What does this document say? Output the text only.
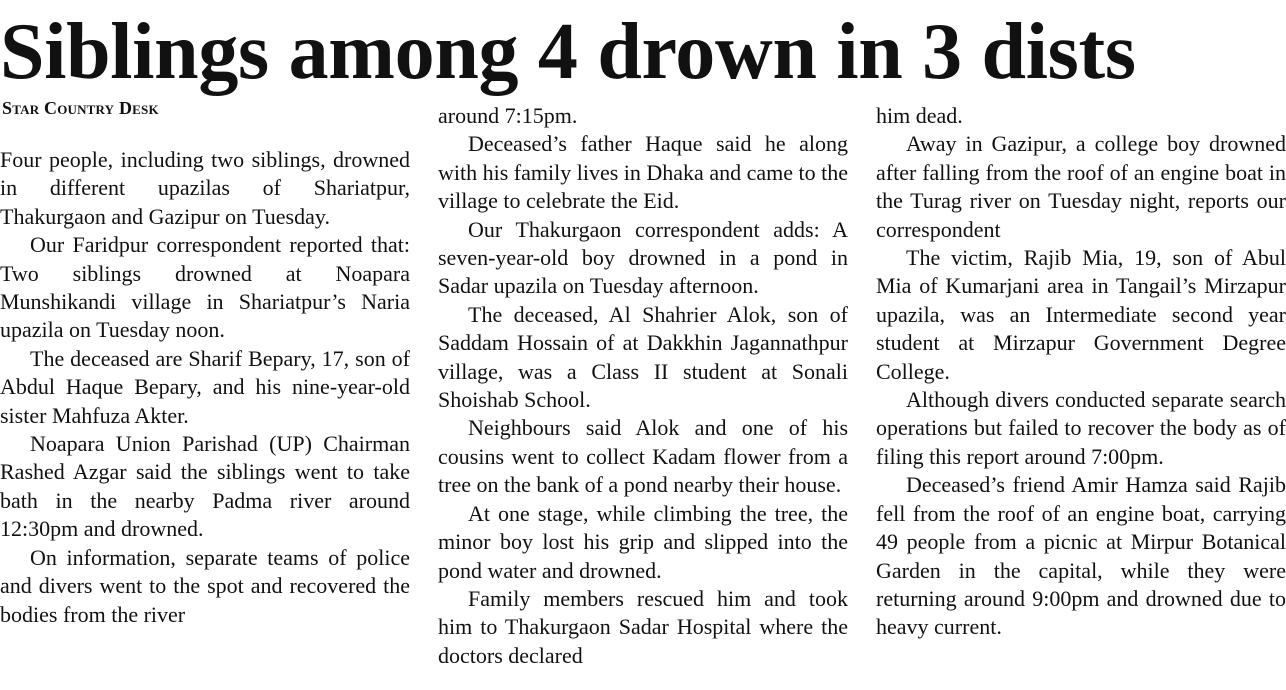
Siblings among 4 drown in 3 dists
Star Country Desk

Four people, including two siblings, drowned in different upazilas of Shariatpur, Thakurgaon and Gazipur on Tuesday.

Our Faridpur correspondent reported that: Two siblings drowned at Noapara Munshikandi village in Shariatpur’s Naria upazila on Tuesday noon.

The deceased are Sharif Bepary, 17, son of Abdul Haque Bepary, and his nine-year-old sister Mahfuza Akter.

Noapara Union Parishad (UP) Chairman Rashed Azgar said the siblings went to take bath in the nearby Padma river around 12:30pm and drowned.

On information, separate teams of police and divers went to the spot and recovered the bodies from the river

around 7:15pm.

Deceased’s father Haque said he along with his family lives in Dhaka and came to the village to celebrate the Eid.

Our Thakurgaon correspondent adds: A seven-year-old boy drowned in a pond in Sadar upazila on Tuesday afternoon.

The deceased, Al Shahrier Alok, son of Saddam Hossain of at Dakkhin Jagannathpur village, was a Class II student at Sonali Shoishab School.

Neighbours said Alok and one of his cousins went to collect Kadam flower from a tree on the bank of a pond nearby their house.

At one stage, while climbing the tree, the minor boy lost his grip and slipped into the pond water and drowned.

Family members rescued him and took him to Thakurgaon Sadar Hospital where the doctors declared

him dead.

Away in Gazipur, a college boy drowned after falling from the roof of an engine boat in the Turag river on Tuesday night, reports our correspondent

The victim, Rajib Mia, 19, son of Abul Mia of Kumarjani area in Tangail’s Mirzapur upazila, was an Intermediate second year student at Mirzapur Government Degree College.

Although divers conducted separate search operations but failed to recover the body as of filing this report around 7:00pm.

Deceased’s friend Amir Hamza said Rajib fell from the roof of an engine boat, carrying 49 people from a picnic at Mirpur Botanical Garden in the capital, while they were returning around 9:00pm and drowned due to heavy current.
